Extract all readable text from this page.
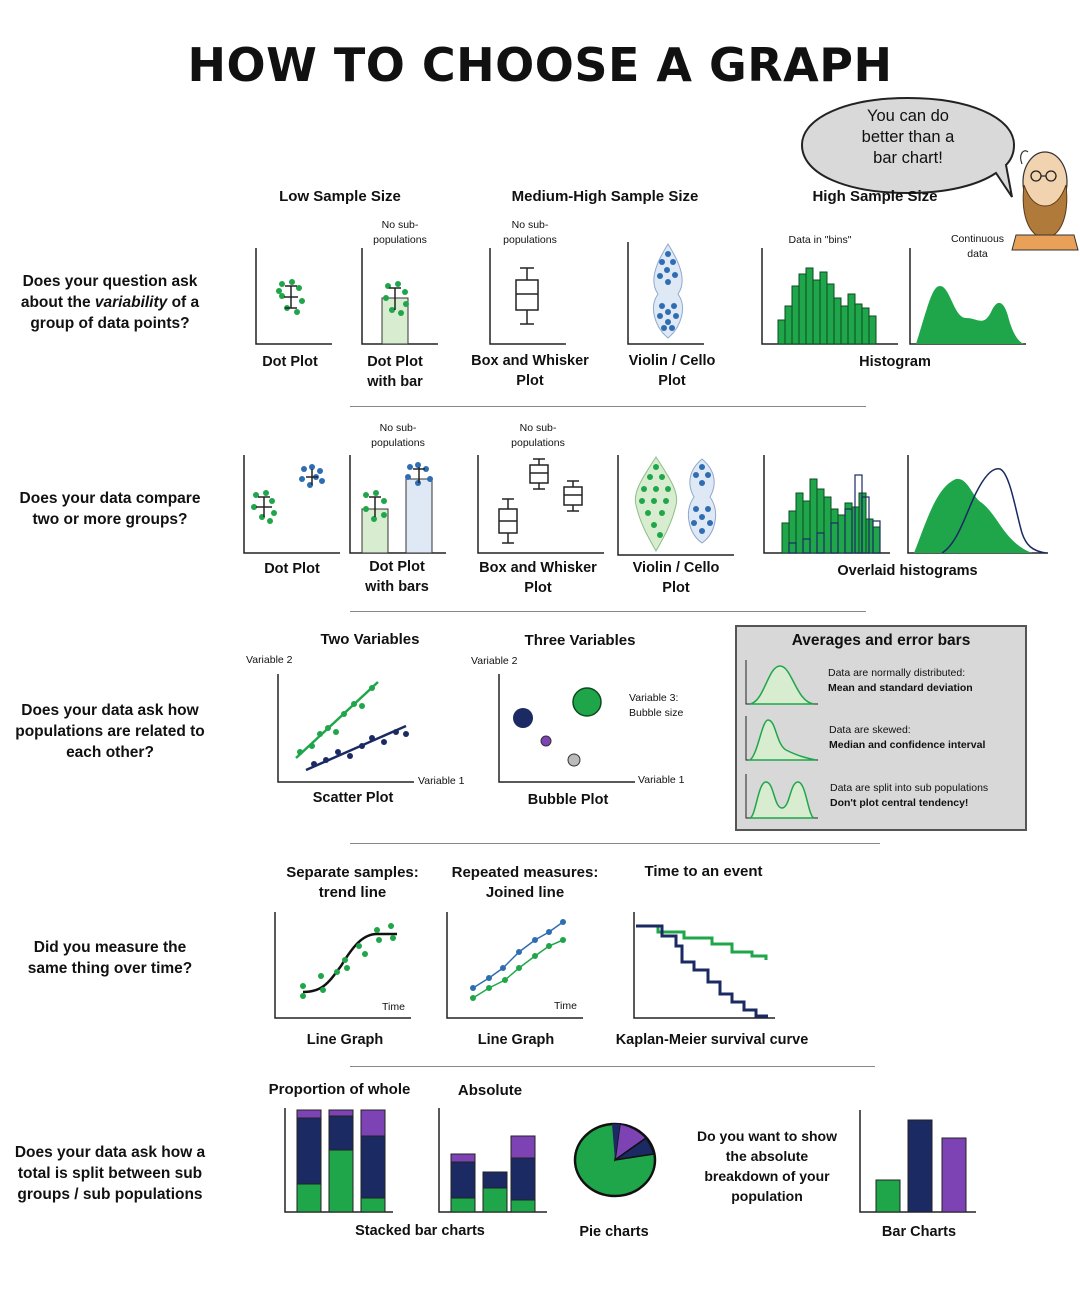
HOW TO CHOOSE A GRAPH
You can do
better than a
bar chart!
Low Sample Size	Medium-High Sample Size	High Sample Size
No sub-
populations
No sub-
populations	Data in "bins"	Continuous
data
Does your question ask
about the variability of a
group of data points?
Dot Plot	Dot Plot
with bar
Box and Whisker
Plot
Violin / Cello
Plot
Histogram
No sub-
populations
No sub-
populations
Does your data compare
two or more groups?
Dot Plot	Dot Plot
with bars
Box and Whisker
Plot
Violin / Cello
Plot
Overlaid histograms
Two Variables	Three Variables
Variable 2	Variable 2
Does your data ask how
populations are related to
each other?
Variable 1
Scatter Plot
Variable 3:
Bubble size
Variable 1
Bubble Plot
Averages and error bars
Data are normally distributed:
Mean and standard deviation
Data are skewed:
Median and confidence interval
Data are split into sub populations
Don't plot central tendency!
Separate samples:
trend line
Repeated measures:
Joined line
Time to an event
Did you measure the
same thing over time?
Time	Time
Line Graph	Line Graph	Kaplan-Meier survival curve
Proportion of whole	Absolute
Does your data ask how a
total is split between sub
groups / sub populations
Do you want to show
the absolute
breakdown of your
population
Stacked bar charts	Pie charts	Bar Charts
